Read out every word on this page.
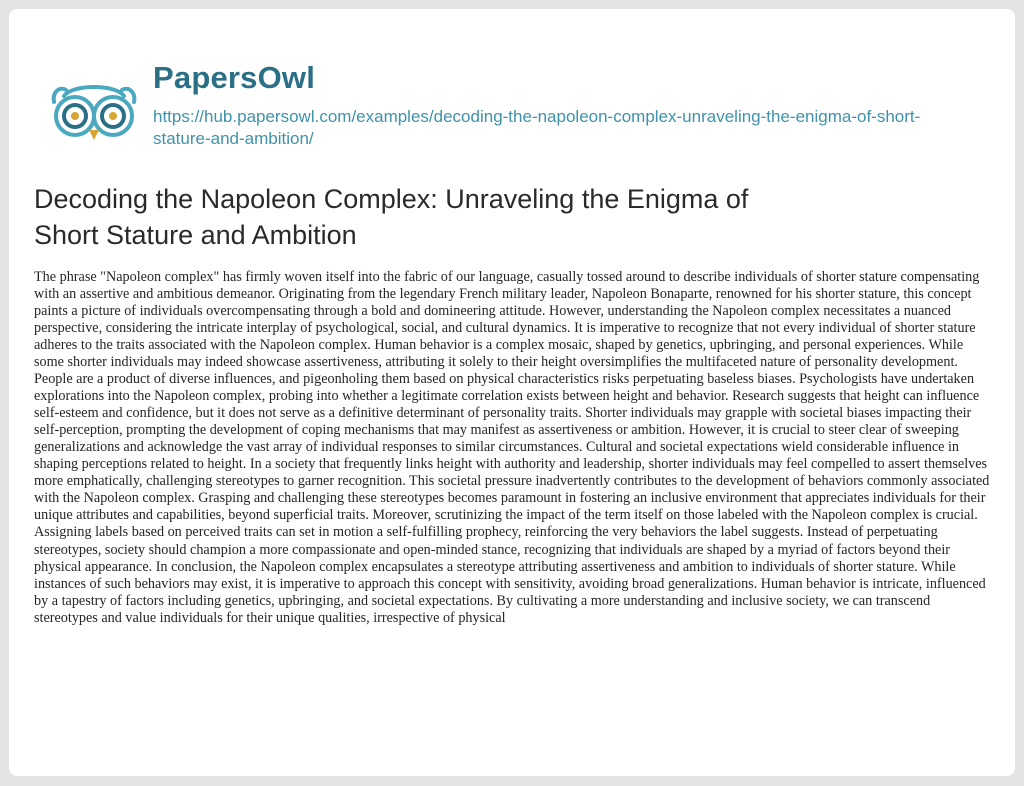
PapersOwl
https://hub.papersowl.com/examples/decoding-the-napoleon-complex-unraveling-the-enigma-of-short-stature-and-ambition/
Decoding the Napoleon Complex: Unraveling the Enigma of Short Stature and Ambition

The phrase "Napoleon complex" has firmly woven itself into the fabric of our language, casually tossed around to describe individuals of shorter stature compensating with an assertive and ambitious demeanor. Originating from the legendary French military leader, Napoleon Bonaparte, renowned for his shorter stature, this concept paints a picture of individuals overcompensating through a bold and domineering attitude. However, understanding the Napoleon complex necessitates a nuanced perspective, considering the intricate interplay of psychological, social, and cultural dynamics. It is imperative to recognize that not every individual of shorter stature adheres to the traits associated with the Napoleon complex. Human behavior is a complex mosaic, shaped by genetics, upbringing, and personal experiences. While some shorter individuals may indeed showcase assertiveness, attributing it solely to their height oversimplifies the multifaceted nature of personality development. People are a product of diverse influences, and pigeonholing them based on physical characteristics risks perpetuating baseless biases. Psychologists have undertaken explorations into the Napoleon complex, probing into whether a legitimate correlation exists between height and behavior. Research suggests that height can influence self-esteem and confidence, but it does not serve as a definitive determinant of personality traits. Shorter individuals may grapple with societal biases impacting their self-perception, prompting the development of coping mechanisms that may manifest as assertiveness or ambition. However, it is crucial to steer clear of sweeping generalizations and acknowledge the vast array of individual responses to similar circumstances. Cultural and societal expectations wield considerable influence in shaping perceptions related to height. In a society that frequently links height with authority and leadership, shorter individuals may feel compelled to assert themselves more emphatically, challenging stereotypes to garner recognition. This societal pressure inadvertently contributes to the development of behaviors commonly associated with the Napoleon complex. Grasping and challenging these stereotypes becomes paramount in fostering an inclusive environment that appreciates individuals for their unique attributes and capabilities, beyond superficial traits. Moreover, scrutinizing the impact of the term itself on those labeled with the Napoleon complex is crucial. Assigning labels based on perceived traits can set in motion a self-fulfilling prophecy, reinforcing the very behaviors the label suggests. Instead of perpetuating stereotypes, society should champion a more compassionate and open-minded stance, recognizing that individuals are shaped by a myriad of factors beyond their physical appearance. In conclusion, the Napoleon complex encapsulates a stereotype attributing assertiveness and ambition to individuals of shorter stature. While instances of such behaviors may exist, it is imperative to approach this concept with sensitivity, avoiding broad generalizations. Human behavior is intricate, influenced by a tapestry of factors including genetics, upbringing, and societal expectations. By cultivating a more understanding and inclusive society, we can transcend stereotypes and value individuals for their unique qualities, irrespective of physical
